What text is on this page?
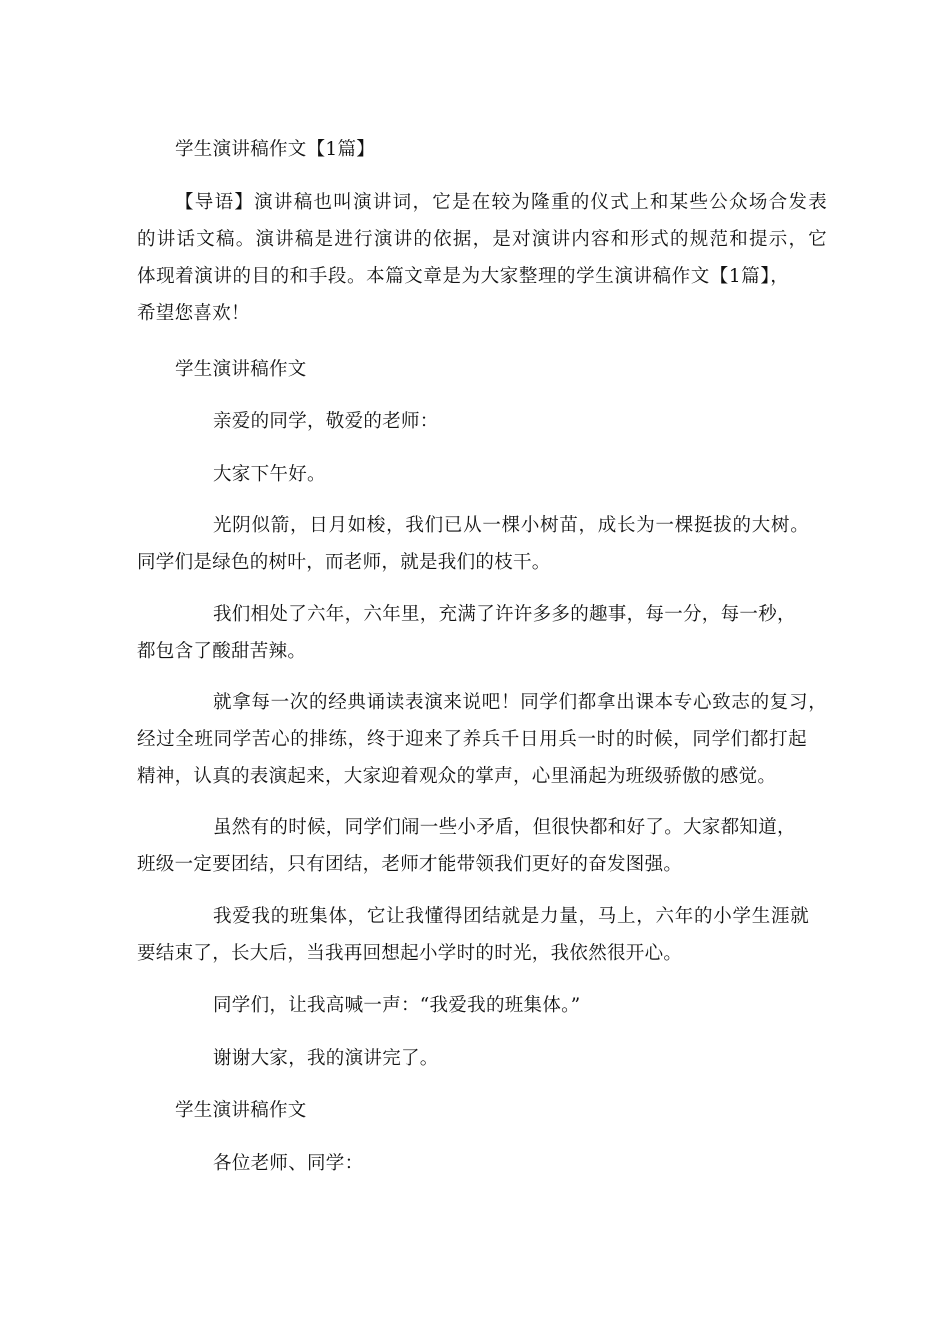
学生演讲稿作文【1篇】
【导语】演讲稿也叫演讲词，它是在较为隆重的仪式上和某些公众场合发表
的讲话文稿。演讲稿是进行演讲的依据，是对演讲内容和形式的规范和提示，它
体现着演讲的目的和手段。本篇文章是为大家整理的学生演讲稿作文【1篇】，
希望您喜欢！
学生演讲稿作文
亲爱的同学，敬爱的老师：
大家下午好。
光阴似箭，日月如梭，我们已从一棵小树苗，成长为一棵挺拔的大树。
同学们是绿色的树叶，而老师，就是我们的枝干。
我们相处了六年，六年里，充满了许许多多的趣事，每一分，每一秒，
都包含了酸甜苦辣。
就拿每一次的经典诵读表演来说吧！同学们都拿出课本专心致志的复习，
经过全班同学苦心的排练，终于迎来了养兵千日用兵一时的时候，同学们都打起
精神，认真的表演起来，大家迎着观众的掌声，心里涌起为班级骄傲的感觉。
虽然有的时候，同学们闹一些小矛盾，但很快都和好了。大家都知道，
班级一定要团结，只有团结，老师才能带领我们更好的奋发图强。
我爱我的班集体，它让我懂得团结就是力量，马上，六年的小学生涯就
要结束了，长大后，当我再回想起小学时的时光，我依然很开心。
同学们，让我高喊一声：“我爱我的班集体。”
谢谢大家，我的演讲完了。
学生演讲稿作文
各位老师、同学：
